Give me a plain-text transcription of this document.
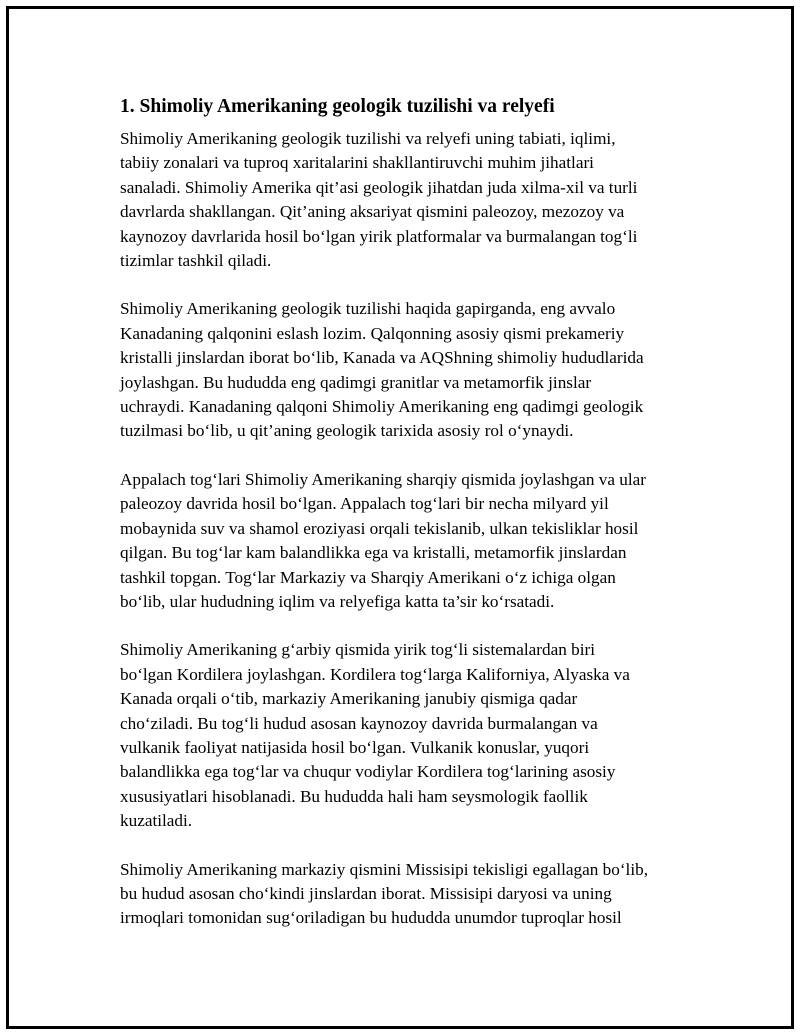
1. Shimoliy Amerikaning geologik tuzilishi va relyefi
Shimoliy Amerikaning geologik tuzilishi va relyefi uning tabiati, iqlimi,
tabiiy zonalari va tuproq xaritalarini shakllantiruvchi muhim jihatlari
sanaladi. Shimoliy Amerika qit’asi geologik jihatdan juda xilma-xil va turli
davrlarda shakllangan. Qit’aning aksariyat qismini paleozoy, mezozoy va
kaynozoy davrlarida hosil bo‘lgan yirik platformalar va burmalangan tog‘li
tizimlar tashkil qiladi.
Shimoliy Amerikaning geologik tuzilishi haqida gapirganda, eng avvalo
Kanadaning qalqonini eslash lozim. Qalqonning asosiy qismi prekameriy
kristalli jinslardan iborat bo‘lib, Kanada va AQShning shimoliy hududlarida
joylashgan. Bu hududda eng qadimgi granitlar va metamorfik jinslar
uchraydi. Kanadaning qalqoni Shimoliy Amerikaning eng qadimgi geologik
tuzilmasi bo‘lib, u qit’aning geologik tarixida asosiy rol o‘ynaydi.
Appalach tog‘lari Shimoliy Amerikaning sharqiy qismida joylashgan va ular
paleozoy davrida hosil bo‘lgan. Appalach tog‘lari bir necha milyard yil
mobaynida suv va shamol eroziyasi orqali tekislanib, ulkan tekisliklar hosil
qilgan. Bu tog‘lar kam balandlikka ega va kristalli, metamorfik jinslardan
tashkil topgan. Tog‘lar Markaziy va Sharqiy Amerikani o‘z ichiga olgan
bo‘lib, ular hududning iqlim va relyefiga katta ta’sir ko‘rsatadi.
Shimoliy Amerikaning g‘arbiy qismida yirik tog‘li sistemalardan biri
bo‘lgan Kordilera joylashgan. Kordilera tog‘larga Kaliforniya, Alyaska va
Kanada orqali o‘tib, markaziy Amerikaning janubiy qismiga qadar
cho‘ziladi. Bu tog‘li hudud asosan kaynozoy davrida burmalangan va
vulkanik faoliyat natijasida hosil bo‘lgan. Vulkanik konuslar, yuqori
balandlikka ega tog‘lar va chuqur vodiylar Kordilera tog‘larining asosiy
xususiyatlari hisoblanadi. Bu hududda hali ham seysmologik faollik
kuzatiladi.
Shimoliy Amerikaning markaziy qismini Missisipi tekisligi egallagan bo‘lib,
bu hudud asosan cho‘kindi jinslardan iborat. Missisipi daryosi va uning
irmoqlari tomonidan sug‘oriladigan bu hududda unumdor tuproqlar hosil
